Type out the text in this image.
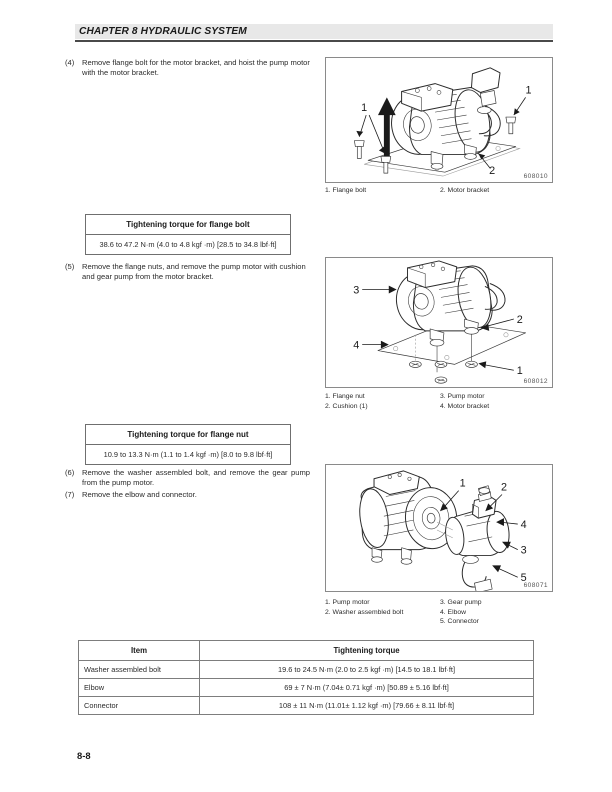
CHAPTER 8 HYDRAULIC SYSTEM
(4)	Remove flange bolt for the motor bracket, and hoist the pump motor with the motor bracket.
1
1
2	608010
1. Flange bolt	2. Motor bracket
Tightening torque for flange bolt
38.6 to 47.2 N·m (4.0 to 4.8 kgf ·m) [28.5 to 34.8 lbf·ft]
(5)	Remove the flange nuts, and remove the pump motor with cushion and gear pump from the motor bracket.
3
4
2
1
608012
1. Flange nut
2. Cushion (1)
3. Pump motor
4. Motor bracket
Tightening torque for flange nut
10.9 to 13.3 N·m (1.1 to 1.4 kgf ·m) [8.0 to 9.8 lbf·ft]
(6)	Remove the washer assembled bolt, and remove the gear pump from the pump motor.
(7)	Remove the elbow and connector.
1	2
4
3
5
608071
1. Pump motor
2. Washer assembled bolt
3. Gear pump
4. Elbow
5. Connector
Item	Tightening torque
Washer assembled bolt	19.6 to 24.5 N·m (2.0 to 2.5 kgf ·m) [14.5 to 18.1 lbf·ft]
Elbow	69 ± 7 N·m (7.04± 0.71 kgf ·m) [50.89 ± 5.16 lbf·ft]
Connector	108 ± 11 N·m (11.01± 1.12 kgf ·m) [79.66 ± 8.11 lbf·ft]
8-8
